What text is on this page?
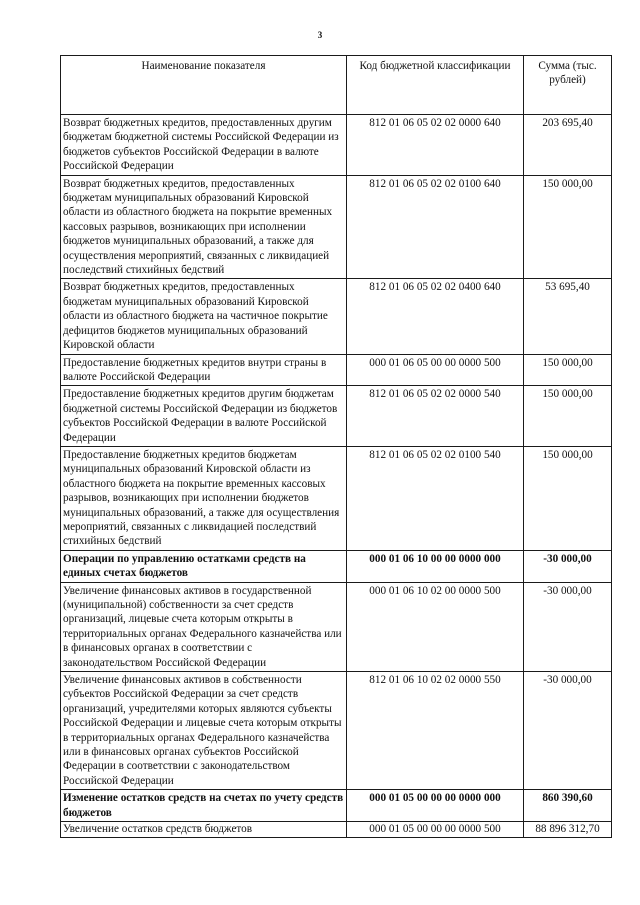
3
Наименование показателя	Код бюджетной классификации	Сумма (тыс. рублей)
Возврат бюджетных кредитов, предоставленных другим бюджетам бюджетной системы Российской Федерации из бюджетов субъектов Российской Федерации в валюте Российской Федерации	812 01 06 05 02 02 0000 640	203 695,40
Возврат бюджетных кредитов, предоставленных бюджетам муниципальных образований Кировской области из областного бюджета на покрытие временных кассовых разрывов, возникающих при исполнении бюджетов муниципальных образований, а также для осуществления мероприятий, связанных с ликвидацией последствий стихийных бедствий	812 01 06 05 02 02 0100 640	150 000,00
Возврат бюджетных кредитов, предоставленных бюджетам муниципальных образований Кировской области из областного бюджета на частичное покрытие дефицитов бюджетов муниципальных образований Кировской области	812 01 06 05 02 02 0400 640	53 695,40
Предоставление бюджетных кредитов внутри страны в валюте Российской Федерации	000 01 06 05 00 00 0000 500	150 000,00
Предоставление бюджетных кредитов другим бюджетам бюджетной системы Российской Федерации из бюджетов субъектов Российской Федерации в валюте Российской Федерации	812 01 06 05 02 02 0000 540	150 000,00
Предоставление бюджетных кредитов бюджетам муниципальных образований Кировской области из областного бюджета на покрытие временных кассовых разрывов, возникающих при исполнении бюджетов муниципальных образований, а также для осуществления мероприятий, связанных с ликвидацией последствий стихийных бедствий	812 01 06 05 02 02 0100 540	150 000,00
Операции по управлению остатками средств на единых счетах бюджетов	000 01 06 10 00 00 0000 000	-30 000,00
Увеличение финансовых активов в государственной (муниципальной) собственности за счет средств организаций, лицевые счета которым открыты в территориальных органах Федерального казначейства или в финансовых органах в соответствии с законодательством Российской Федерации	000 01 06 10 02 00 0000 500	-30 000,00
Увеличение финансовых активов в собственности субъектов Российской Федерации за счет средств организаций, учредителями которых являются субъекты Российской Федерации и лицевые счета которым открыты в территориальных органах Федерального казначейства или в финансовых органах субъектов Российской Федерации в соответствии с законодательством Российской Федерации	812 01 06 10 02 02 0000 550	-30 000,00
Изменение остатков средств на счетах по учету средств бюджетов	000 01 05 00 00 00 0000 000	860 390,60
Увеличение остатков средств бюджетов	000 01 05 00 00 00 0000 500	88 896 312,70
